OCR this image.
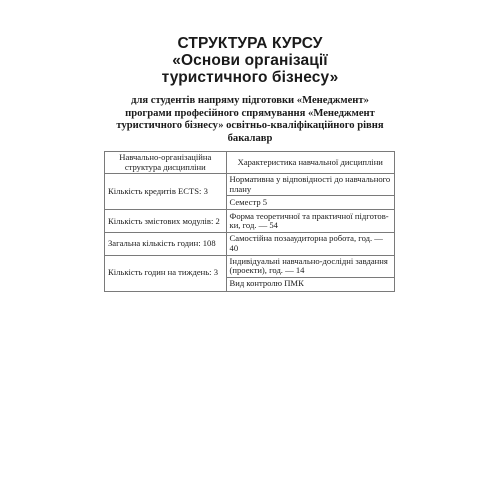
СТРУКТУРА КУРСУ
«Основи організації
туристичного бізнесу»
для студентів напряму підготовки «Менеджмент»
програми професійного спрямування «Менеджмент
туристичного бізнесу» освітньо-кваліфікаційного рівня
бакалавр
Навчально-організаційна структура дисципліни	Характеристика навчальної дисципліни
Кількість кредитів ECTS: 3	Нормативна у відповідності до навчального плану
	Семестр 5
Кількість змістових модулів: 2	Форма теоретичної та практичної підготов-ки, год. — 54
Загальна кількість годин: 108	Самостійна позааудиторна робота, год. — 40
Кількість годин на тиждень: 3	Індивідуальні навчально-дослідні завдання (проекти), год. — 14
	Вид контролю ПМК
